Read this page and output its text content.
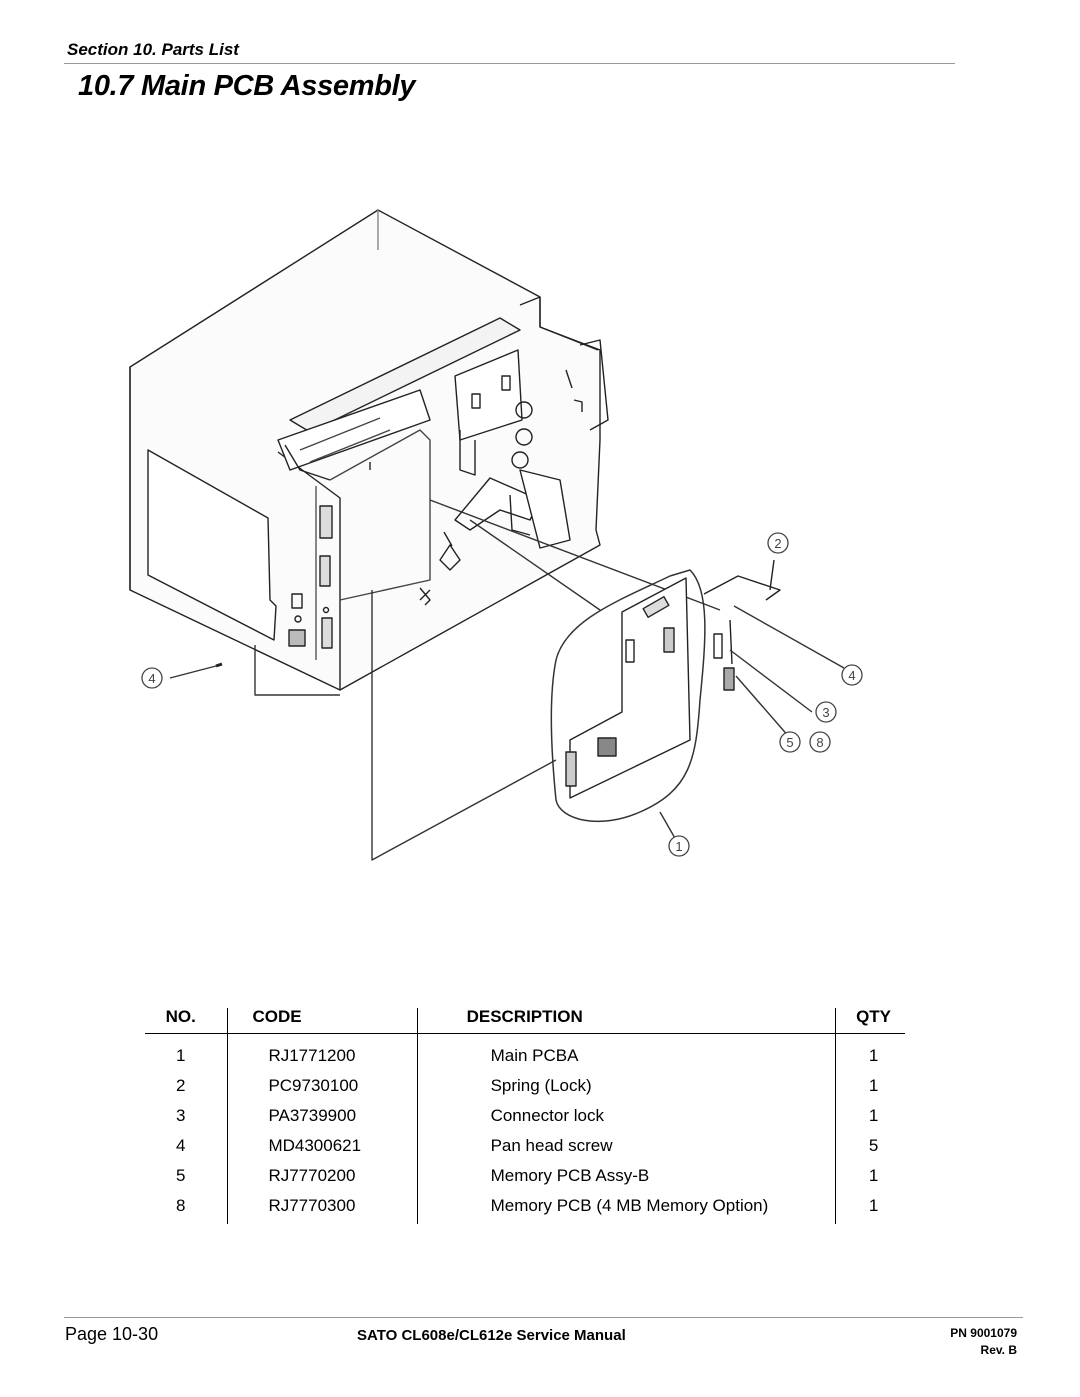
Section 10. Parts List
10.7 Main PCB Assembly
2
4	4
3
5 8
1
NO.	CODE	DESCRIPTION	QTY

1	RJ1771200	Main PCBA	1
2	PC9730100	Spring (Lock)	1
3	PA3739900	Connector lock	1
4	MD4300621	Pan head screw	5
5	RJ7770200	Memory PCB Assy-B	1
8	RJ7770300	Memory PCB (4 MB Memory Option)	1
Page 10-30	SATO CL608e/CL612e Service Manual	PN 9001079
Rev. B
